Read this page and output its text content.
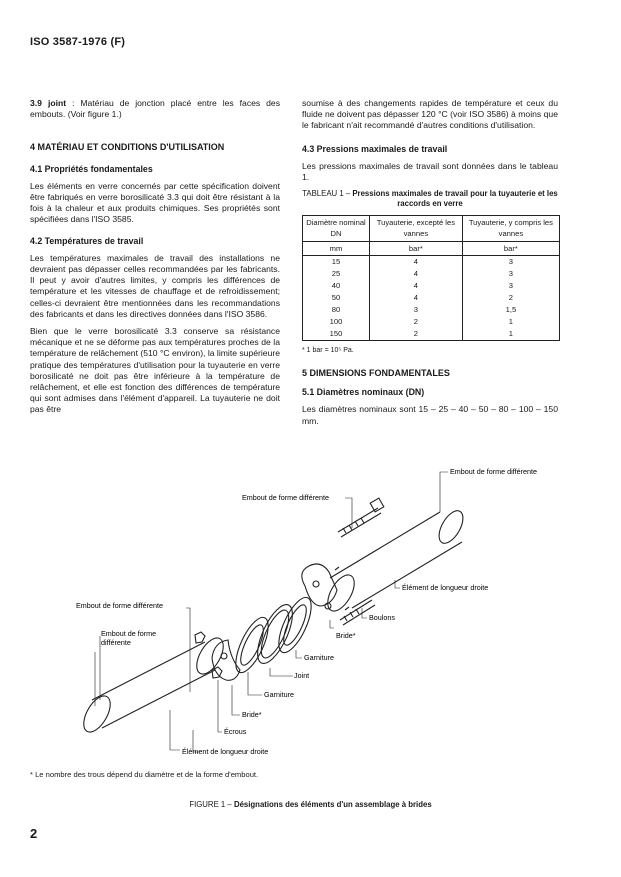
ISO 3587-1976 (F)

3.9 joint : Matériau de jonction placé entre les faces des embouts. (Voir figure 1.)

4 MATÉRIAU ET CONDITIONS D'UTILISATION
4.1 Propriétés fondamentales

Les éléments en verre concernés par cette spécification doivent être fabriqués en verre borosilicaté 3.3 qui doit être résistant à la fois à la chaleur et aux produits chimiques. Ses propriétés sont spécifiées dans l'ISO 3585.

4.2 Températures de travail

Les températures maximales de travail des installations ne devraient pas dépasser celles recommandées par les fabricants. Il peut y avoir d'autres limites, y compris les différences de température et les vitesses de chauffage et de refroidissement; celles-ci devraient être mentionnées dans les recommandations des fabricants et dans les directives données dans l'ISO 3586.

Bien que le verre borosilicaté 3.3 conserve sa résistance mécanique et ne se déforme pas aux températures proches de la température de relâchement (510 °C environ), la limite supérieure pratique des températures d'utilisation pour la tuyauterie en verre borosilicaté ne doit pas être inférieure à la température de relâchement, et elle est fonction des différences de température qui sont admises dans l'élément d'appareil. La tuyauterie ne doit pas être

soumise à des changements rapides de température et ceux du fluide ne doivent pas dépasser 120 °C (voir ISO 3586) à moins que le fabricant n'ait recommandé d'autres conditions d'utilisation.

4.3 Pressions maximales de travail

Les pressions maximales de travail sont données dans le tableau 1.

TABLEAU 1 – Pressions maximales de travail pour la tuyauterie et les raccords en verre
Diamètre nominal DN	Tuyauterie, excepté les vannes	Tuyauterie, y compris les vannes
mm	bar*	bar*
15	4	3
25	4	3
40	4	3
50	4	2
80	3	1,5
100	2	1
150	2	1
* 1 bar = 10⁵ Pa.
5 DIMENSIONS FONDAMENTALES
5.1 Diamètres nominaux (DN)

Les diamètres nominaux sont 15 – 25 – 40 – 50 – 80 – 100 – 150 mm.

Embout de forme différente
Embout de forme différente
Élément de longueur droite
Boulons
Bride*
Garniture
Joint
Garniture
Bride*
Écrous
Élément de longueur droite
Embout de forme différente
Embout de forme
différente
* Le nombre des trous dépend du diamètre et de la forme d'embout.
FIGURE 1 – Désignations des éléments d'un assemblage à brides
2
